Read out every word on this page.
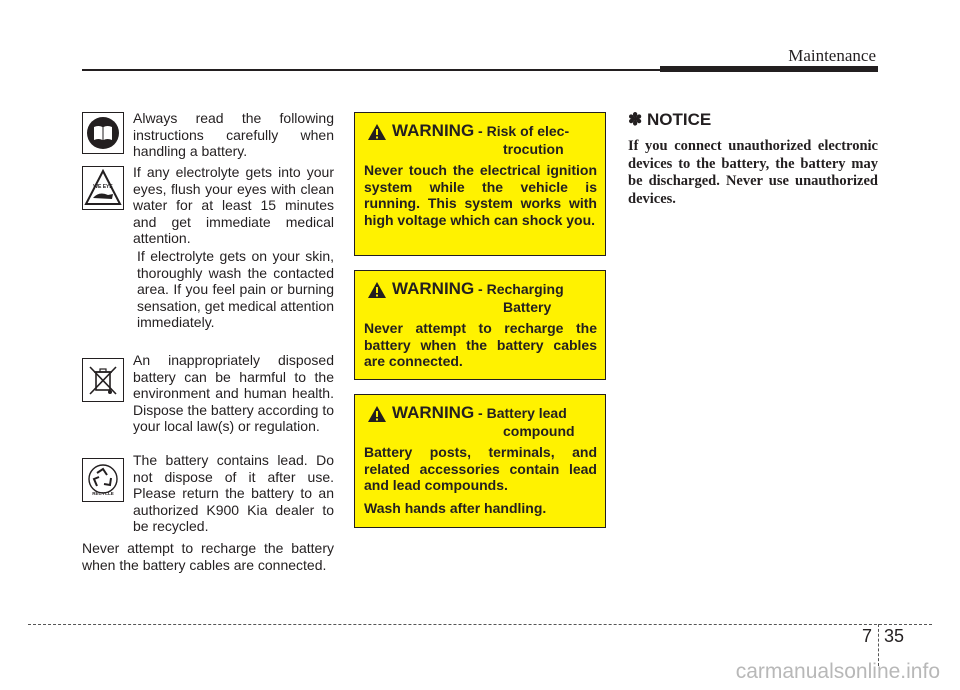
Maintenance
Always read the following instructions carefully when handling a battery.
WE EYE
If any electrolyte gets into your eyes, flush your eyes with clean water for at least 15 minutes and get immediate medical attention.
If electrolyte gets on your skin, thoroughly wash the contacted area. If you feel pain or burning sensation, get medical attention immediately.
An inappropriately disposed battery can be harmful to the environment and human health. Dispose the battery according to your local law(s) or regulation.
RECYCLE
The battery contains lead. Do not dispose of it after use. Please return the battery to an authorized K900 Kia dealer to be recycled.
Never attempt to recharge the battery when the battery cables are connected.
WARNING - Risk of elec-
trocution
Never touch the electrical ignition system while the vehicle is running. This system works with high voltage which can shock you.
WARNING - Recharging
Battery
Never attempt to recharge the battery when the battery cables are connected.
WARNING - Battery lead
compound
Battery posts, terminals, and related accessories contain lead and lead compounds.
Wash hands after handling.
✽ NOTICE
If you connect unauthorized electronic devices to the battery, the battery may be discharged. Never use unauthorized devices.
7 35
carmanualsonline.info
